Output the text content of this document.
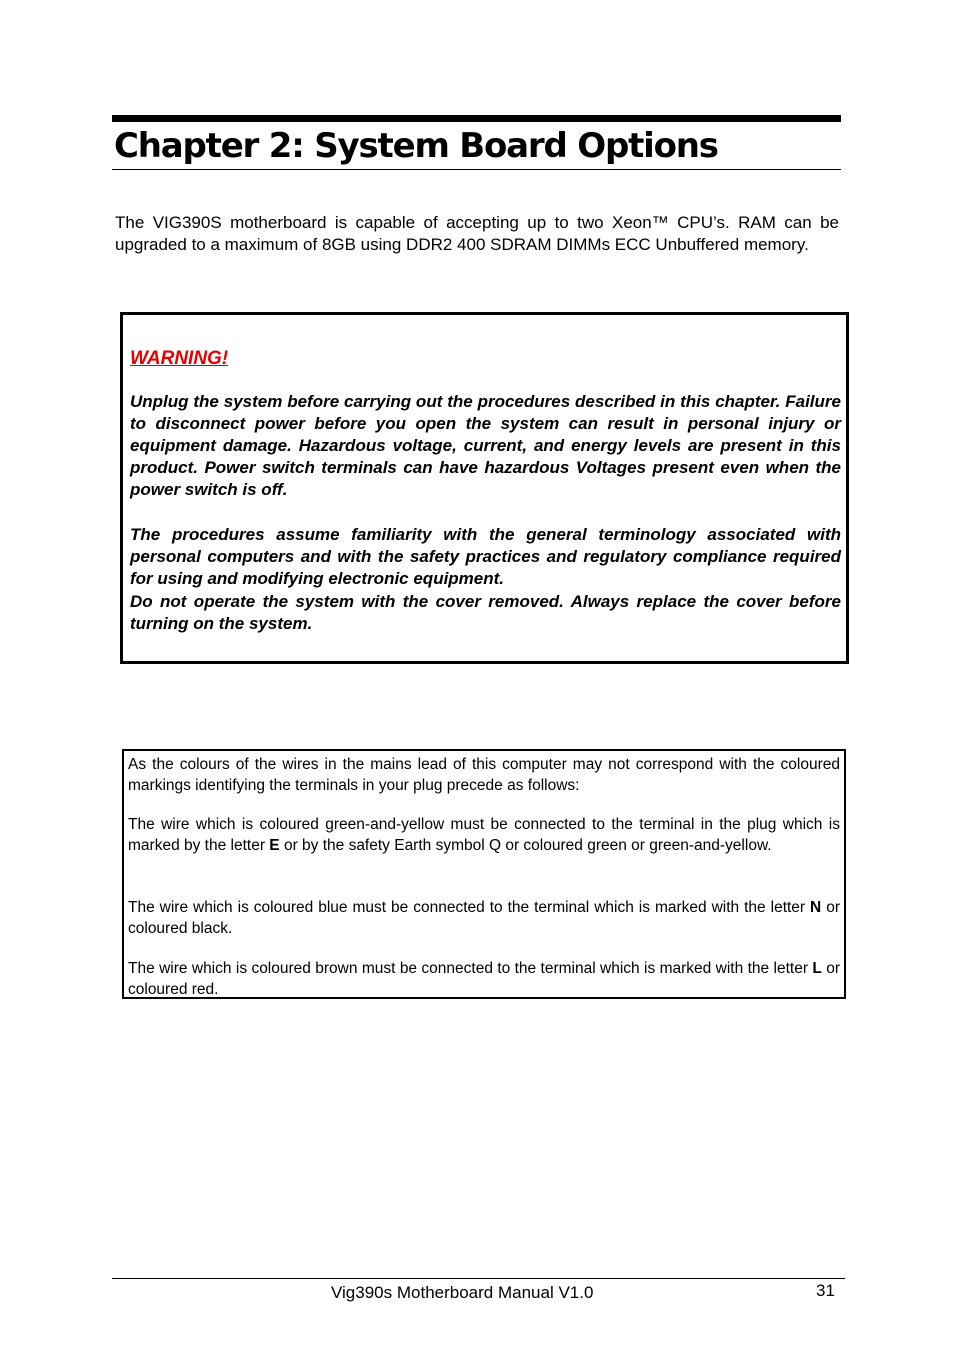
Chapter 2: System Board Options

The VIG390S motherboard is capable of accepting up to two Xeon™ CPU’s. RAM can be upgraded to a maximum of 8GB using DDR2 400 SDRAM DIMMs ECC Unbuffered memory.

WARNING!

Unplug the system before carrying out the procedures described in this chapter. Failure to disconnect power before you open the system can result in personal injury or equipment damage. Hazardous voltage, current, and energy levels are present in this product. Power switch terminals can have hazardous Voltages present even when the power switch is off.

The procedures assume familiarity with the general terminology associated with personal computers and with the safety practices and regulatory compliance required for using and modifying electronic equipment.

Do not operate the system with the cover removed. Always replace the cover before turning on the system.

As the colours of the wires in the mains lead of this computer may not correspond with the coloured markings identifying the terminals in your plug precede as follows:

The wire which is coloured green-and-yellow must be connected to the terminal in the plug which is marked by the letter E or by the safety Earth symbol Q or coloured green or green-and-yellow.

The wire which is coloured blue must be connected to the terminal which is marked with the letter N or coloured black.

The wire which is coloured brown must be connected to the terminal which is marked with the letter L or coloured red.

Vig390s Motherboard Manual V1.0	31
